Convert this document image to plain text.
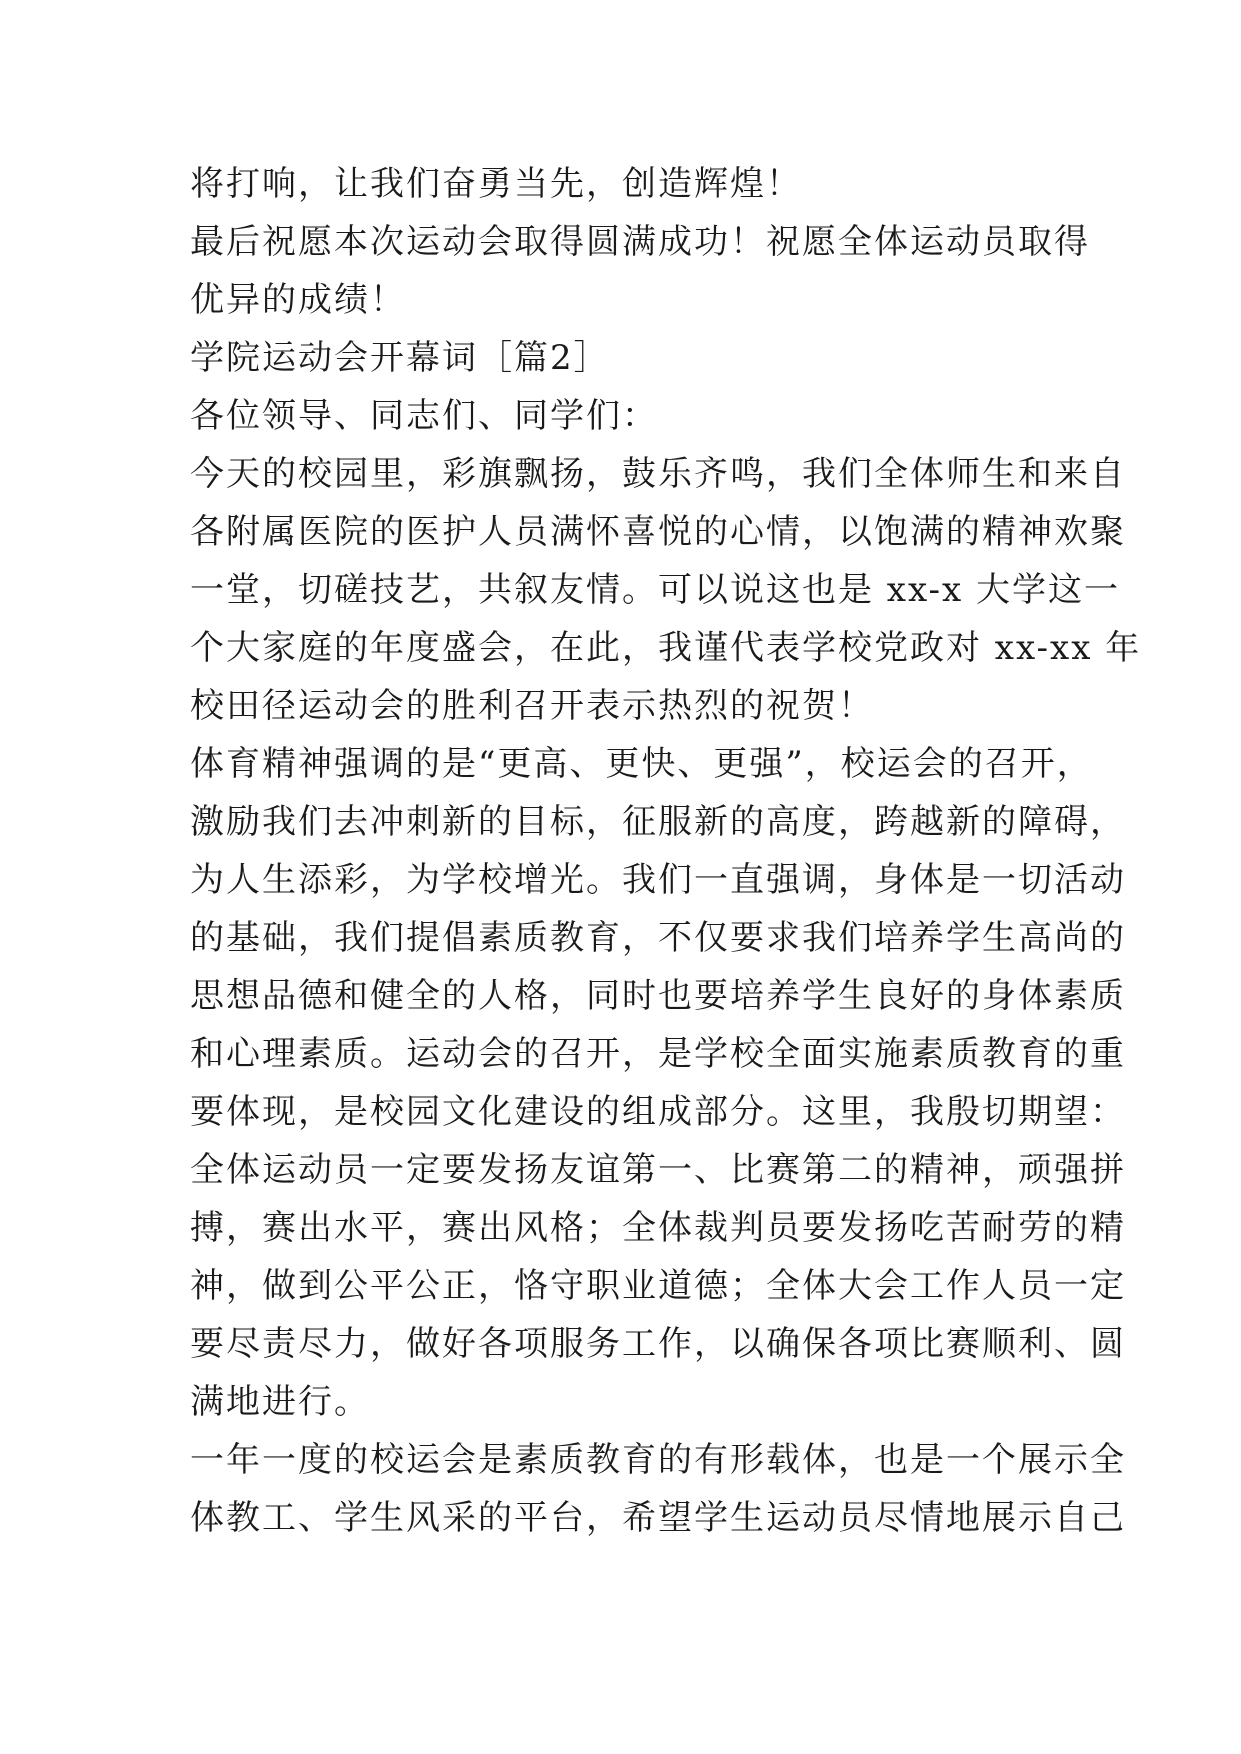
将打响，让我们奋勇当先，创造辉煌！
最后祝愿本次运动会取得圆满成功！祝愿全体运动员取得
优异的成绩！
学院运动会开幕词［篇2］
各位领导、同志们、同学们：
今天的校园里，彩旗飘扬，鼓乐齐鸣，我们全体师生和来自
各附属医院的医护人员满怀喜悦的心情，以饱满的精神欢聚
一堂，切磋技艺，共叙友情。可以说这也是 xx-x 大学这一
个大家庭的年度盛会，在此，我谨代表学校党政对 xx-xx 年
校田径运动会的胜利召开表示热烈的祝贺！
体育精神强调的是“更高、更快、更强”，校运会的召开，
激励我们去冲刺新的目标，征服新的高度，跨越新的障碍，
为人生添彩，为学校增光。我们一直强调，身体是一切活动
的基础，我们提倡素质教育，不仅要求我们培养学生高尚的
思想品德和健全的人格，同时也要培养学生良好的身体素质
和心理素质。运动会的召开，是学校全面实施素质教育的重
要体现，是校园文化建设的组成部分。这里，我殷切期望：
全体运动员一定要发扬友谊第一、比赛第二的精神，顽强拼
搏，赛出水平，赛出风格；全体裁判员要发扬吃苦耐劳的精
神，做到公平公正，恪守职业道德；全体大会工作人员一定
要尽责尽力，做好各项服务工作，以确保各项比赛顺利、圆
满地进行。
一年一度的校运会是素质教育的有形载体，也是一个展示全
体教工、学生风采的平台，希望学生运动员尽情地展示自己
